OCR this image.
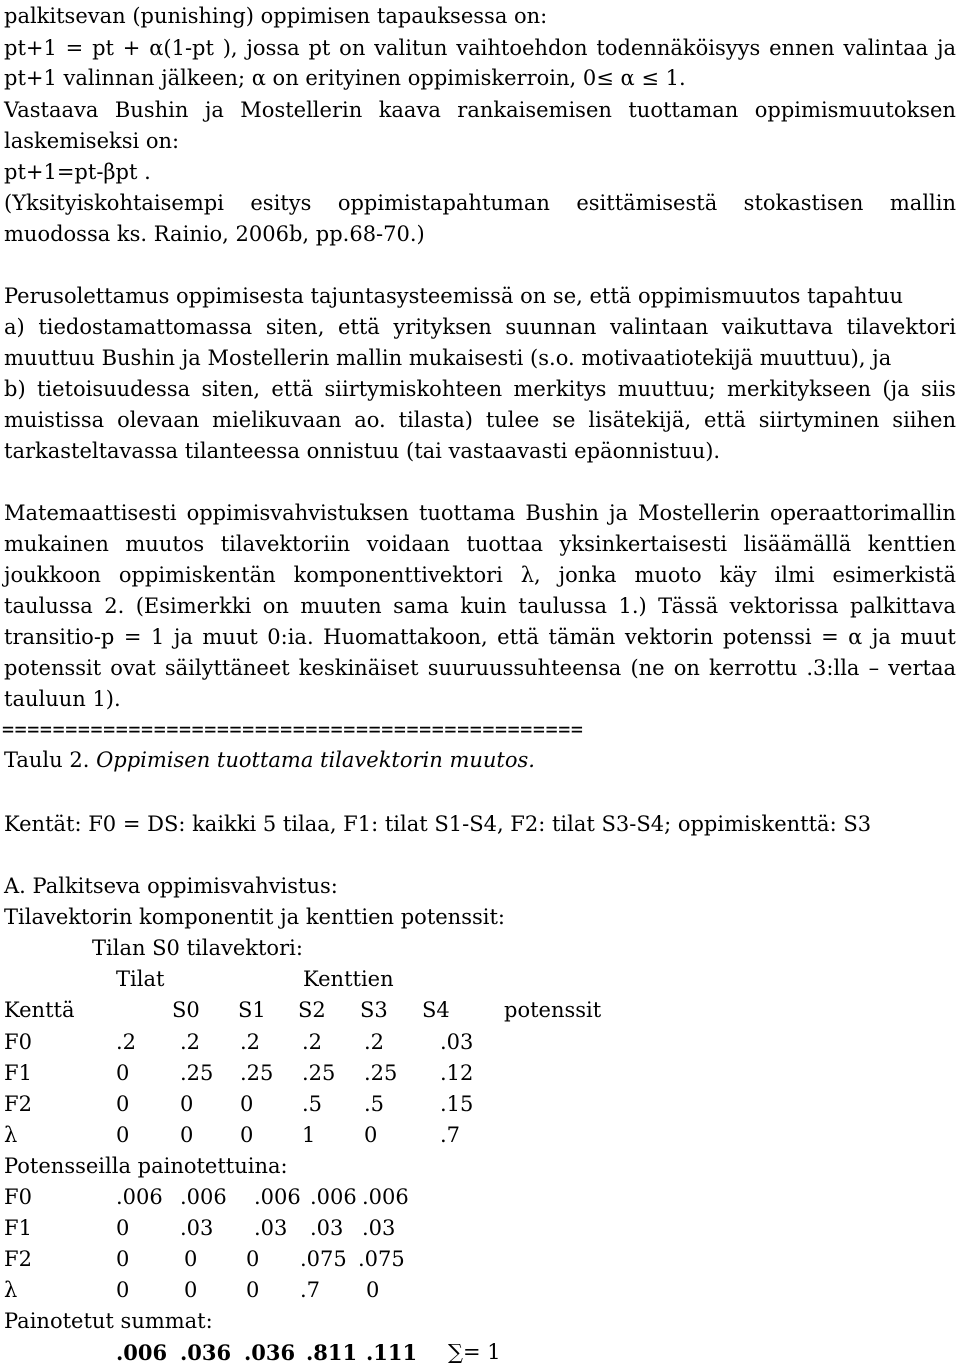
palkitsevan (punishing) oppimisen tapauksessa on:
pt+1 = pt + α(1-pt ), jossa pt on valitun vaihtoehdon todennäköisyys ennen valintaa ja
pt+1 valinnan jälkeen; α on erityinen oppimiskerroin, 0≤ α ≤ 1.
Vastaava Bushin ja Mostellerin kaava rankaisemisen tuottaman oppimismuutoksen
laskemiseksi on:
pt+1=pt-βpt .
(Yksityiskohtaisempi esitys oppimistapahtuman esittämisestä stokastisen mallin
muodossa ks. Rainio, 2006b, pp.68-70.)
Perusolettamus oppimisesta tajuntasysteemissä on se, että oppimismuutos tapahtuu
a) tiedostamattomassa siten, että yrityksen suunnan valintaan vaikuttava tilavektori
muuttuu Bushin ja Mostellerin mallin mukaisesti (s.o. motivaatiotekijä muuttuu), ja
b) tietoisuudessa siten, että siirtymiskohteen merkitys muuttuu; merkitykseen (ja siis
muistissa olevaan mielikuvaan ao. tilasta) tulee se lisätekijä, että siirtyminen siihen
tarkasteltavassa tilanteessa onnistuu (tai vastaavasti epäonnistuu).
Matemaattisesti oppimisvahvistuksen tuottama Bushin ja Mostellerin operaattorimallin
mukainen muutos tilavektoriin voidaan tuottaa yksinkertaisesti lisäämällä kenttien
joukkoon oppimiskentän komponenttivektori λ, jonka muoto käy ilmi esimerkistä
taulussa 2. (Esimerkki on muuten sama kuin taulussa 1.) Tässä vektorissa palkittava
transitio-p = 1 ja muut 0:ia. Huomattakoon, että tämän vektorin potenssi = α ja muut
potenssit ovat säilyttäneet keskinäiset suuruussuhteensa (ne on kerrottu .3:lla – vertaa
tauluun 1).
==============================================
Taulu 2. Oppimisen tuottama tilavektorin muutos.
Kentät: F0 = DS: kaikki 5 tilaa, F1: tilat S1-S4, F2: tilat S3-S4; oppimiskenttä: S3
A. Palkitseva oppimisvahvistus:
Tilavektorin komponentit ja kenttien potenssit:
Tilan S0 tilavektori:
Tilat	Kenttien
Kenttä	S0 S1 S2 S3 S4	potenssit
F0	.2 .2 .2 .2 .2	.03
F1	0 .25 .25 .25 .25 .12
F2	0 0 0 .5 .5	.15
λ	0 0 0 1 0	.7
Potensseilla painotettuina:
F0	.006 .006 .006 .006 .006
F1	0 .03 .03 .03 .03
F2	0	0 0 .075 .075
λ	0	0 0 .7 0
Painotetut summat:
.006 .036 .036 .811 .111 ∑= 1
